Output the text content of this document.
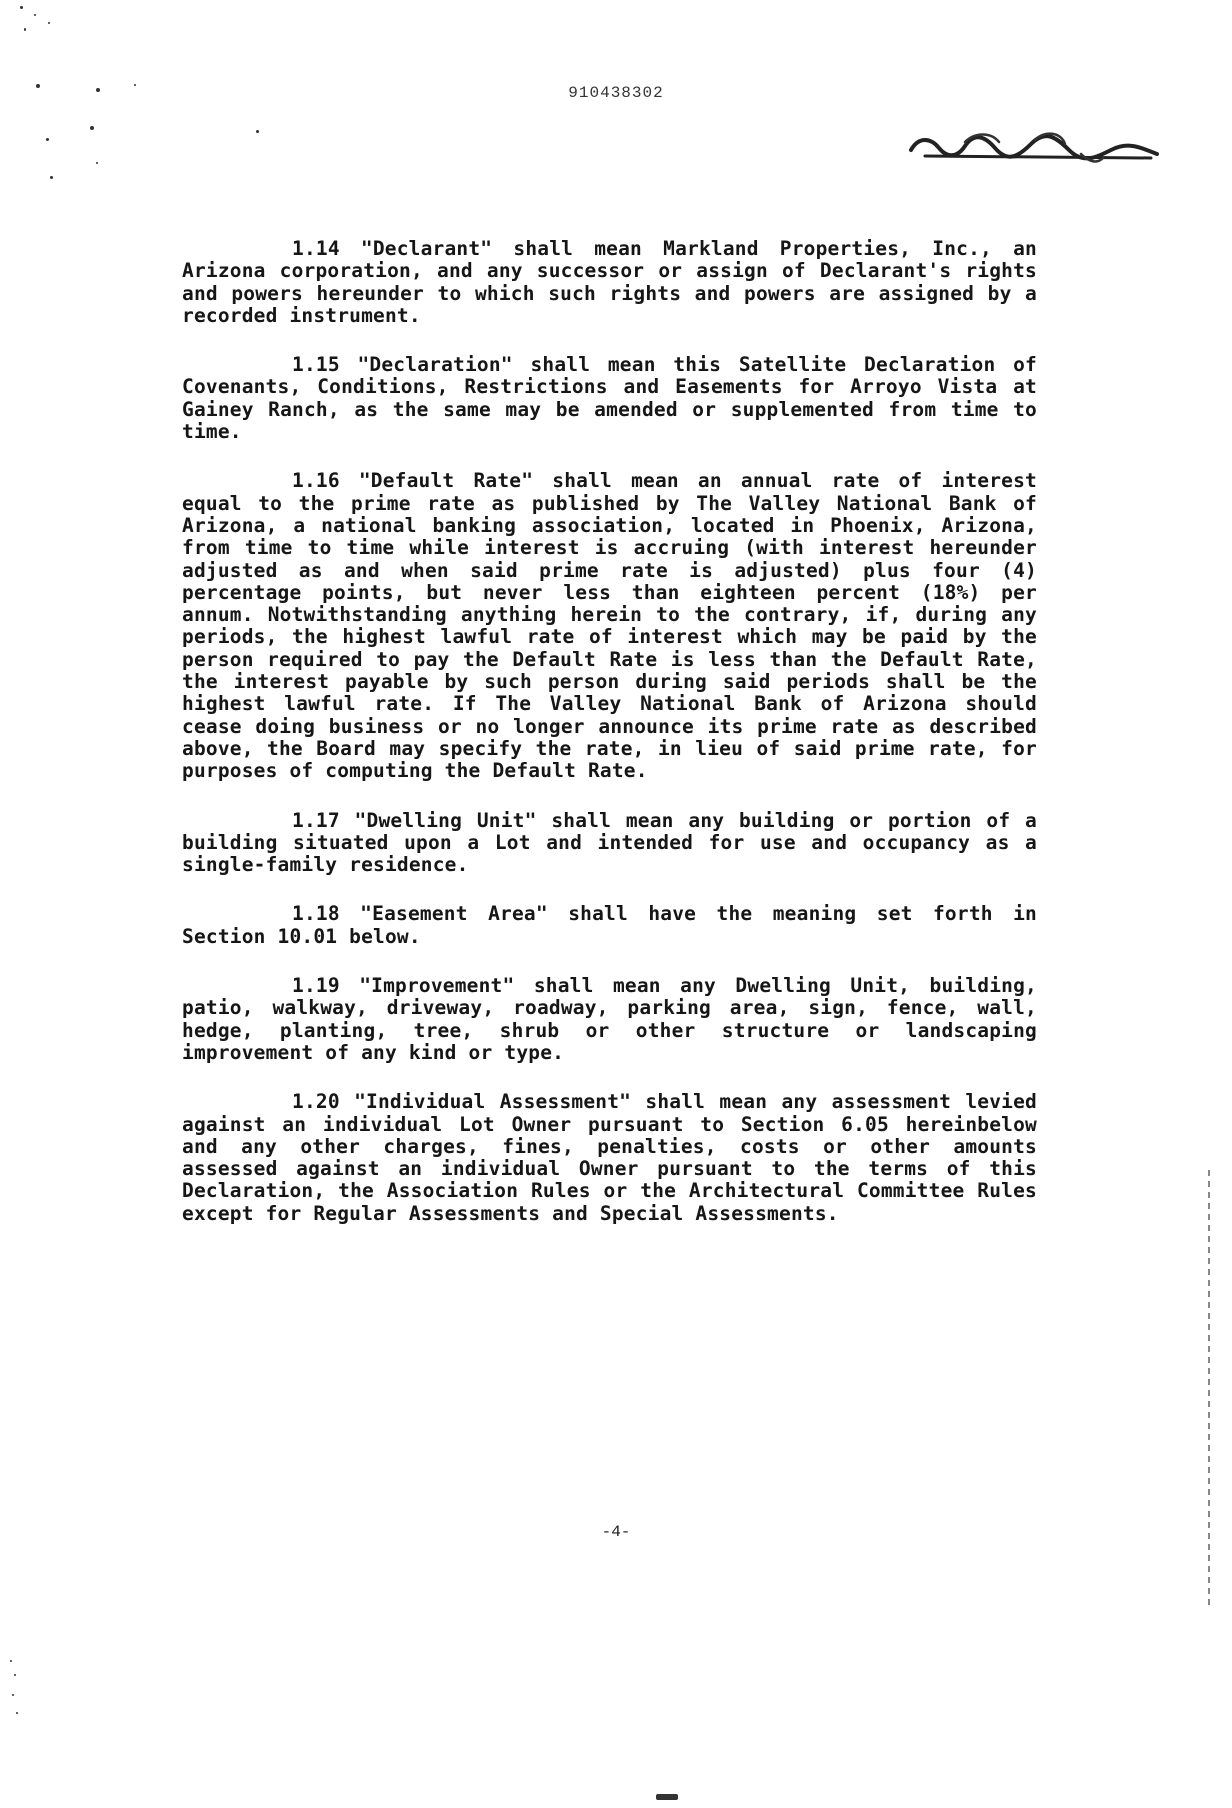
910438302

1.14 "Declarant" shall mean Markland Properties, Inc., an Arizona corporation, and any successor or assign of Declarant's rights and powers hereunder to which such rights and powers are assigned by a recorded instrument.

1.15 "Declaration" shall mean this Satellite Declaration of Covenants, Conditions, Restrictions and Easements for Arroyo Vista at Gainey Ranch, as the same may be amended or supplemented from time to time.

1.16 "Default Rate" shall mean an annual rate of interest equal to the prime rate as published by The Valley National Bank of Arizona, a national banking association, located in Phoenix, Arizona, from time to time while interest is accruing (with interest hereunder adjusted as and when said prime rate is adjusted) plus four (4) percentage points, but never less than eighteen percent (18%) per annum. Notwithstanding anything herein to the contrary, if, during any periods, the highest lawful rate of interest which may be paid by the person required to pay the Default Rate is less than the Default Rate, the interest payable by such person during said periods shall be the highest lawful rate. If The Valley National Bank of Arizona should cease doing business or no longer announce its prime rate as described above, the Board may specify the rate, in lieu of said prime rate, for purposes of computing the Default Rate.

1.17 "Dwelling Unit" shall mean any building or portion of a building situated upon a Lot and intended for use and occupancy as a single-family residence.

1.18 "Easement Area" shall have the meaning set forth in Section 10.01 below.

1.19 "Improvement" shall mean any Dwelling Unit, building, patio, walkway, driveway, roadway, parking area, sign, fence, wall, hedge, planting, tree, shrub or other structure or landscaping improvement of any kind or type.

1.20 "Individual Assessment" shall mean any assessment levied against an individual Lot Owner pursuant to Section 6.05 hereinbelow and any other charges, fines, penalties, costs or other amounts assessed against an individual Owner pursuant to the terms of this Declaration, the Association Rules or the Architectural Committee Rules except for Regular Assessments and Special Assessments.

-4-
